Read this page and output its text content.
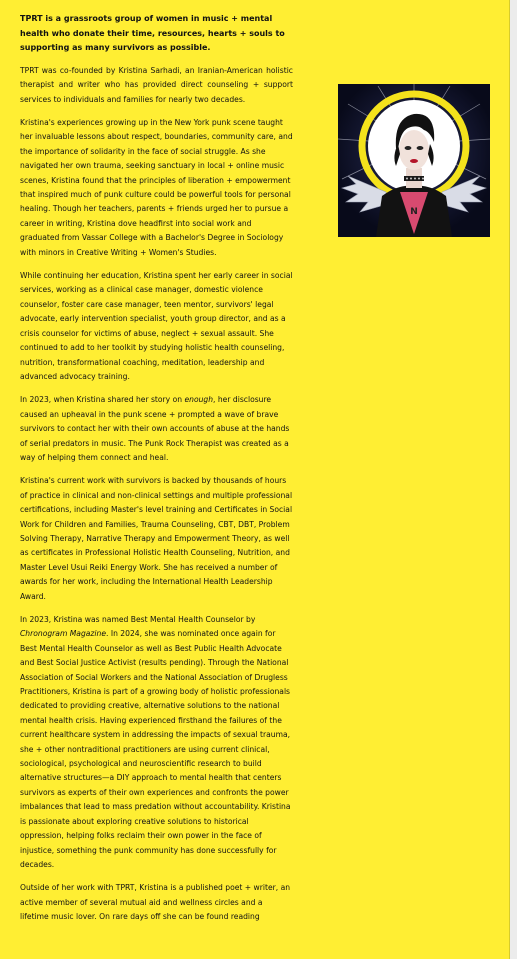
TPRT is a grassroots group of women in music + mental health who donate their time, resources, hearts + souls to supporting as many survivors as possible.

TPRT was co-founded by Kristina Sarhadi, an Iranian-American holistic therapist and writer who has provided direct counseling + support services to individuals and families for nearly two decades.

Kristina's experiences growing up in the New York punk scene taught her invaluable lessons about respect, boundaries, community care, and the importance of solidarity in the face of social struggle. As she navigated her own trauma, seeking sanctuary in local + online music scenes, Kristina found that the principles of liberation + empowerment that inspired much of punk culture could be powerful tools for personal healing. Though her teachers, parents + friends urged her to pursue a career in writing, Kristina dove headfirst into social work and graduated from Vassar College with a Bachelor's Degree in Sociology with minors in Creative Writing + Women's Studies.

While continuing her education, Kristina spent her early career in social services, working as a clinical case manager, domestic violence counselor, foster care case manager, teen mentor, survivors' legal advocate, early intervention specialist, youth group director, and as a crisis counselor for victims of abuse, neglect + sexual assault. She continued to add to her toolkit by studying holistic health counseling, nutrition, transformational coaching, meditation, leadership and advanced advocacy training.

In 2023, when Kristina shared her story on enough, her disclosure caused an upheaval in the punk scene + prompted a wave of brave survivors to contact her with their own accounts of abuse at the hands of serial predators in music. The Punk Rock Therapist was created as a way of helping them connect and heal.

Kristina's current work with survivors is backed by thousands of hours of practice in clinical and non-clinical settings and multiple professional certifications, including Master's level training and Certificates in Social Work for Children and Families, Trauma Counseling, CBT, DBT, Problem Solving Therapy, Narrative Therapy and Empowerment Theory, as well as certificates in Professional Holistic Health Counseling, Nutrition, and Master Level Usui Reiki Energy Work. She has received a number of awards for her work, including the International Health Leadership Award.

In 2023, Kristina was named Best Mental Health Counselor by Chronogram Magazine. In 2024, she was nominated once again for Best Mental Health Counselor as well as Best Public Health Advocate and Best Social Justice Activist (results pending). Through the National Association of Social Workers and the National Association of Drugless Practitioners, Kristina is part of a growing body of holistic professionals dedicated to providing creative, alternative solutions to the national mental health crisis. Having experienced firsthand the failures of the current healthcare system in addressing the impacts of sexual trauma, she + other nontraditional practitioners are using current clinical, sociological, psychological and neuroscientific research to build alternative structures—a DIY approach to mental health that centers survivors as experts of their own experiences and confronts the power imbalances that lead to mass predation without accountability. Kristina is passionate about exploring creative solutions to historical oppression, helping folks reclaim their own power in the face of injustice, something the punk community has done successfully for decades.

Outside of her work with TPRT, Kristina is a published poet + writer, an active member of several mutual aid and wellness circles and a lifetime music lover. On rare days off she can be found reading

N
